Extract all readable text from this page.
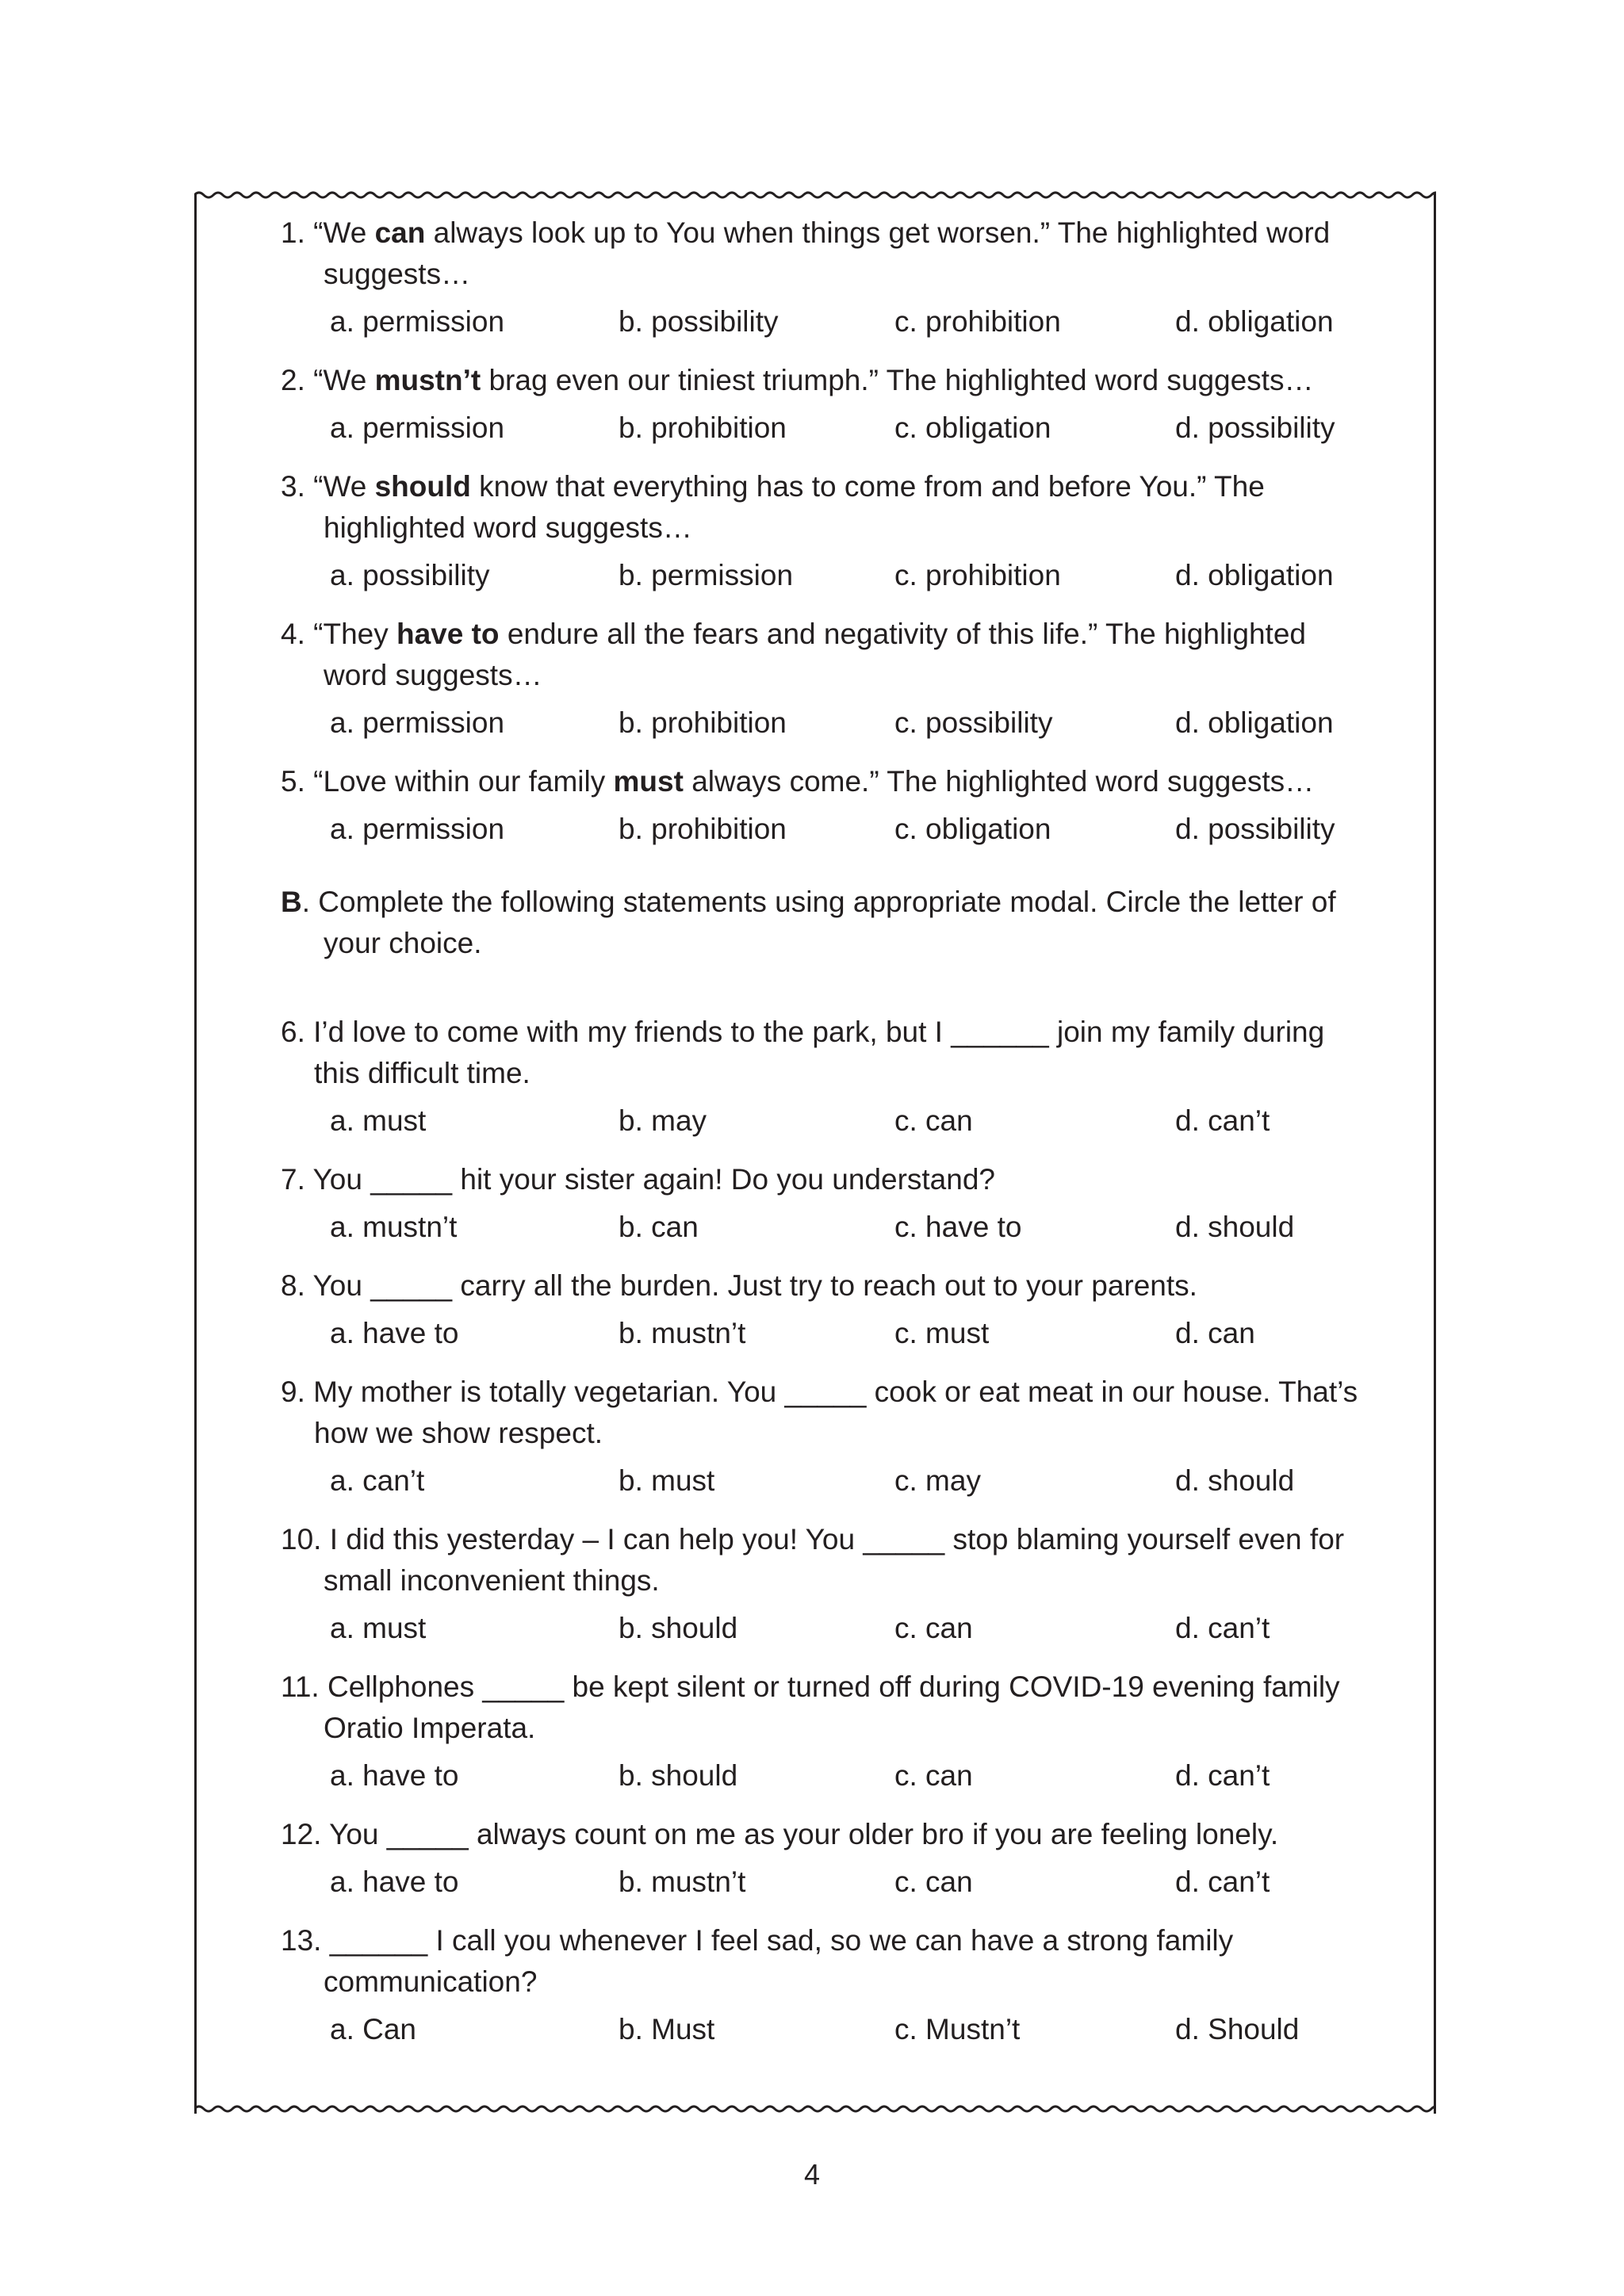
1. “We can always look up to You when things get worsen.” The highlighted word suggests…
a. permission	b. possibility	c. prohibition	d. obligation
2. “We mustn’t brag even our tiniest triumph.” The highlighted word suggests…
a. permission	b. prohibition	c. obligation	d. possibility
3. “We should know that everything has to come from and before You.” The highlighted word suggests…
a. possibility	b. permission	c. prohibition	d. obligation
4. “They have to endure all the fears and negativity of this life.” The highlighted word suggests…
a. permission	b. prohibition	c. possibility	d. obligation
5. “Love within our family must always come.” The highlighted word suggests…
a. permission	b. prohibition	c. obligation	d. possibility
B. Complete the following statements using appropriate modal. Circle the letter of your choice.
6. I’d love to come with my friends to the park, but I ______ join my family during this difficult time.
a. must	b. may	c. can	d. can’t
7. You _____ hit your sister again! Do you understand?
a. mustn’t	b. can	c. have to	d. should
8. You _____ carry all the burden. Just try to reach out to your parents.
a. have to	b. mustn’t	c. must	d. can
9. My mother is totally vegetarian. You _____ cook or eat meat in our house. That’s how we show respect.
a. can’t	b. must	c. may	d. should
10. I did this yesterday – I can help you! You _____ stop blaming yourself even for small inconvenient things.
a. must	b. should	c. can	d. can’t
11. Cellphones _____ be kept silent or turned off during COVID-19 evening family Oratio Imperata.
a. have to	b. should	c. can	d. can’t
12. You _____ always count on me as your older bro if you are feeling lonely.
a. have to	b. mustn’t	c. can	d. can’t
13. ______ I call you whenever I feel sad, so we can have a strong family communication?
a. Can	b. Must	c. Mustn’t	d. Should
4
